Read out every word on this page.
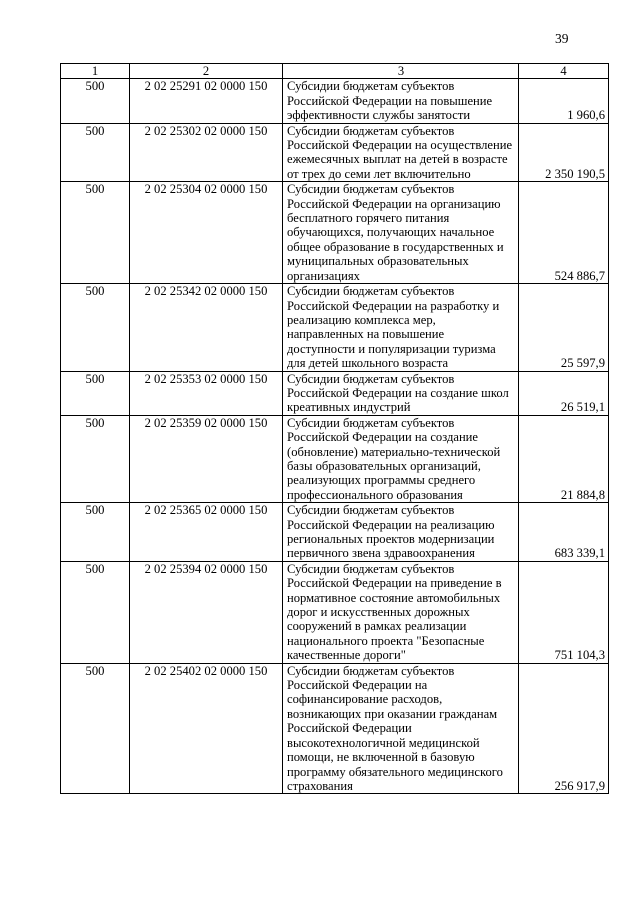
39
1	2	3	4
500	2 02 25291 02 0000 150	Субсидии бюджетам субъектов Российской Федерации на повышение эффективности службы занятости	1 960,6
500	2 02 25302 02 0000 150	Субсидии бюджетам субъектов Российской Федерации на осуществление ежемесячных выплат на детей в возрасте от трех до семи лет включительно	2 350 190,5
500	2 02 25304 02 0000 150	Субсидии бюджетам субъектов Российской Федерации на организацию бесплатного горячего питания обучающихся, получающих начальное общее образование в государственных и муниципальных образовательных организациях	524 886,7
500	2 02 25342 02 0000 150	Субсидии бюджетам субъектов Российской Федерации на разработку и реализацию комплекса мер, направленных на повышение доступности и популяризации туризма для детей школьного возраста	25 597,9
500	2 02 25353 02 0000 150	Субсидии бюджетам субъектов Российской Федерации на создание школ креативных индустрий	26 519,1
500	2 02 25359 02 0000 150	Субсидии бюджетам субъектов Российской Федерации на создание (обновление) материально-технической базы образовательных организаций, реализующих программы среднего профессионального образования	21 884,8
500	2 02 25365 02 0000 150	Субсидии бюджетам субъектов Российской Федерации на реализацию региональных проектов модернизации первичного звена здравоохранения	683 339,1
500	2 02 25394 02 0000 150	Субсидии бюджетам субъектов Российской Федерации на приведение в нормативное состояние автомобильных дорог и искусственных дорожных сооружений в рамках реализации национального проекта "Безопасные качественные дороги"	751 104,3
500	2 02 25402 02 0000 150	Субсидии бюджетам субъектов Российской Федерации на софинансирование расходов, возникающих при оказании гражданам Российской Федерации высокотехнологичной медицинской помощи, не включенной в базовую программу обязательного медицинского страхования	256 917,9
